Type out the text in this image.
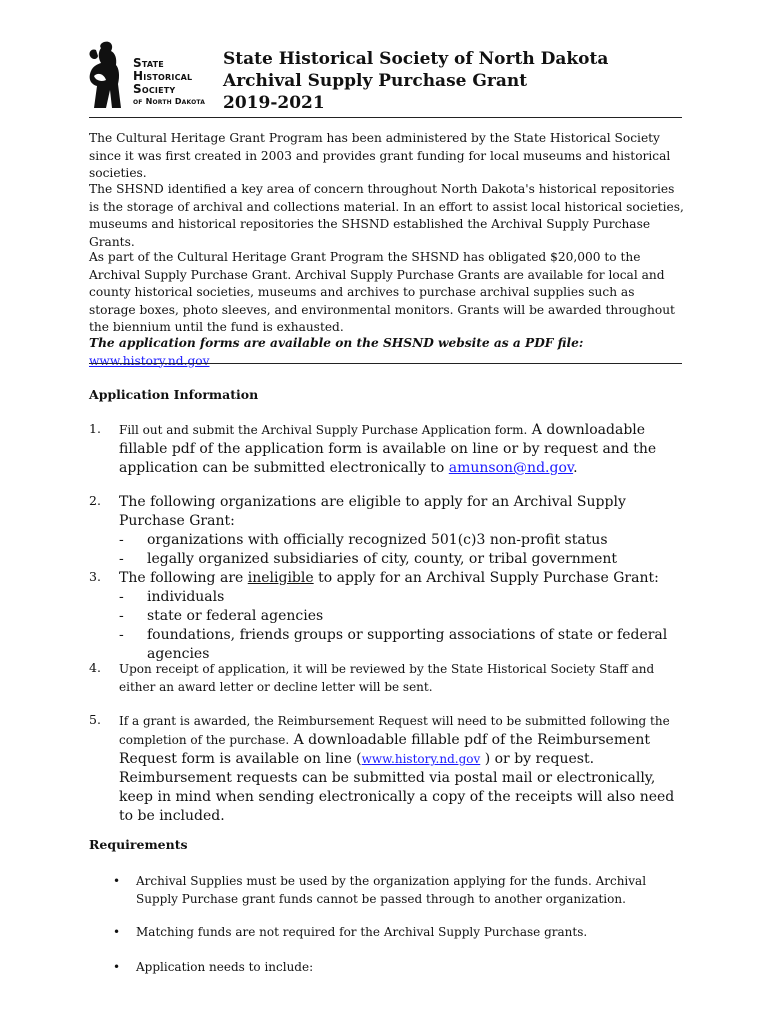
State
Historical
Society
of North Dakota
State Historical Society of North Dakota
Archival Supply Purchase Grant
2019-2021
The Cultural Heritage Grant Program has been administered by the State Historical Society since it was first created in 2003 and provides grant funding for local museums and historical societies.
The SHSND identified a key area of concern throughout North Dakota's historical repositories is the storage of archival and collections material. In an effort to assist local historical societies, museums and historical repositories the SHSND established the Archival Supply Purchase Grants.
As part of the Cultural Heritage Grant Program the SHSND has obligated $20,000 to the Archival Supply Purchase Grant. Archival Supply Purchase Grants are available for local and county historical societies, museums and archives to purchase archival supplies such as storage boxes, photo sleeves, and environmental monitors. Grants will be awarded throughout the biennium until the fund is exhausted.
The application forms are available on the SHSND website as a PDF file: www.history.nd.gov
Application Information
1. Fill out and submit the Archival Supply Purchase Application form. A downloadable fillable pdf of the application form is available on line or by request and the application can be submitted electronically to amunson@nd.gov.
2. The following organizations are eligible to apply for an Archival Supply Purchase Grant:
- organizations with officially recognized 501(c)3 non-profit status
- legally organized subsidiaries of city, county, or tribal government
3. The following are ineligible to apply for an Archival Supply Purchase Grant:
- individuals
- state or federal agencies
- foundations, friends groups or supporting associations of state or federal agencies
4. Upon receipt of application, it will be reviewed by the State Historical Society Staff and either an award letter or decline letter will be sent.
5. If a grant is awarded, the Reimbursement Request will need to be submitted following the completion of the purchase. A downloadable fillable pdf of the Reimbursement Request form is available on line (www.history.nd.gov ) or by request. Reimbursement requests can be submitted via postal mail or electronically, keep in mind when sending electronically a copy of the receipts will also need to be included.
Requirements
• Archival Supplies must be used by the organization applying for the funds. Archival Supply Purchase grant funds cannot be passed through to another organization.
• Matching funds are not required for the Archival Supply Purchase grants.
• Application needs to include:
